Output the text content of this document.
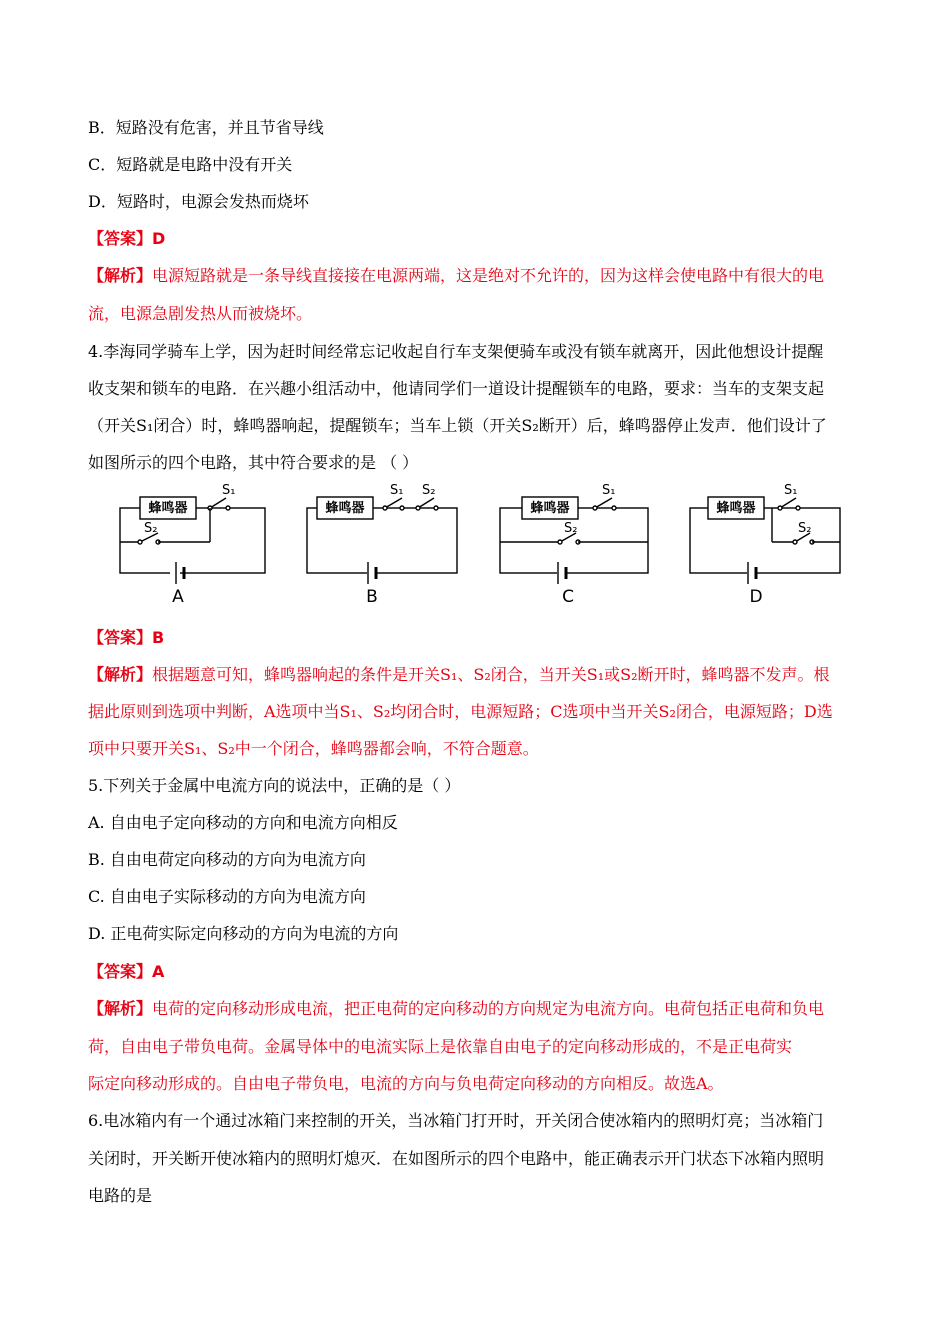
B．短路没有危害，并且节省导线
C．短路就是电路中没有开关
D．短路时，电源会发热而烧坏
【答案】D
【解析】电源短路就是一条导线直接接在电源两端，这是绝对不允许的，因为这样会使电路中有很大的电
流，电源急剧发热从而被烧坏。
4.李海同学骑车上学，因为赶时间经常忘记收起自行车支架便骑车或没有锁车就离开，因此他想设计提醒
收支架和锁车的电路．在兴趣小组活动中，他请同学们一道设计提醒锁车的电路，要求：当车的支架支起
（开关S₁闭合）时，蜂鸣器响起，提醒锁车；当车上锁（开关S₂断开）后，蜂鸣器停止发声．他们设计了
如图所示的四个电路，其中符合要求的是 （ ）
蜂鸣器	蜂鸣器	蜂鸣器	蜂鸣器
S₁
S₂
S₁ S₂	S₁
S₂
S₁
S₂
A	B	C	D
【答案】B
【解析】根据题意可知，蜂鸣器响起的条件是开关S₁、S₂闭合，当开关S₁或S₂断开时，蜂鸣器不发声。根
据此原则到选项中判断，A选项中当S₁、S₂均闭合时，电源短路；C选项中当开关S₂闭合，电源短路；D选
项中只要开关S₁、S₂中一个闭合，蜂鸣器都会响，不符合题意。
5.下列关于金属中电流方向的说法中，正确的是（ ）
A. 自由电子定向移动的方向和电流方向相反
B. 自由电荷定向移动的方向为电流方向
C. 自由电子实际移动的方向为电流方向
D. 正电荷实际定向移动的方向为电流的方向
【答案】A
【解析】电荷的定向移动形成电流，把正电荷的定向移动的方向规定为电流方向。电荷包括正电荷和负电
荷，自由电子带负电荷。金属导体中的电流实际上是依靠自由电子的定向移动形成的，不是正电荷实
际定向移动形成的。自由电子带负电，电流的方向与负电荷定向移动的方向相反。故选A。
6.电冰箱内有一个通过冰箱门来控制的开关，当冰箱门打开时，开关闭合使冰箱内的照明灯亮；当冰箱门
关闭时，开关断开使冰箱内的照明灯熄灭．在如图所示的四个电路中，能正确表示开门状态下冰箱内照明
电路的是
